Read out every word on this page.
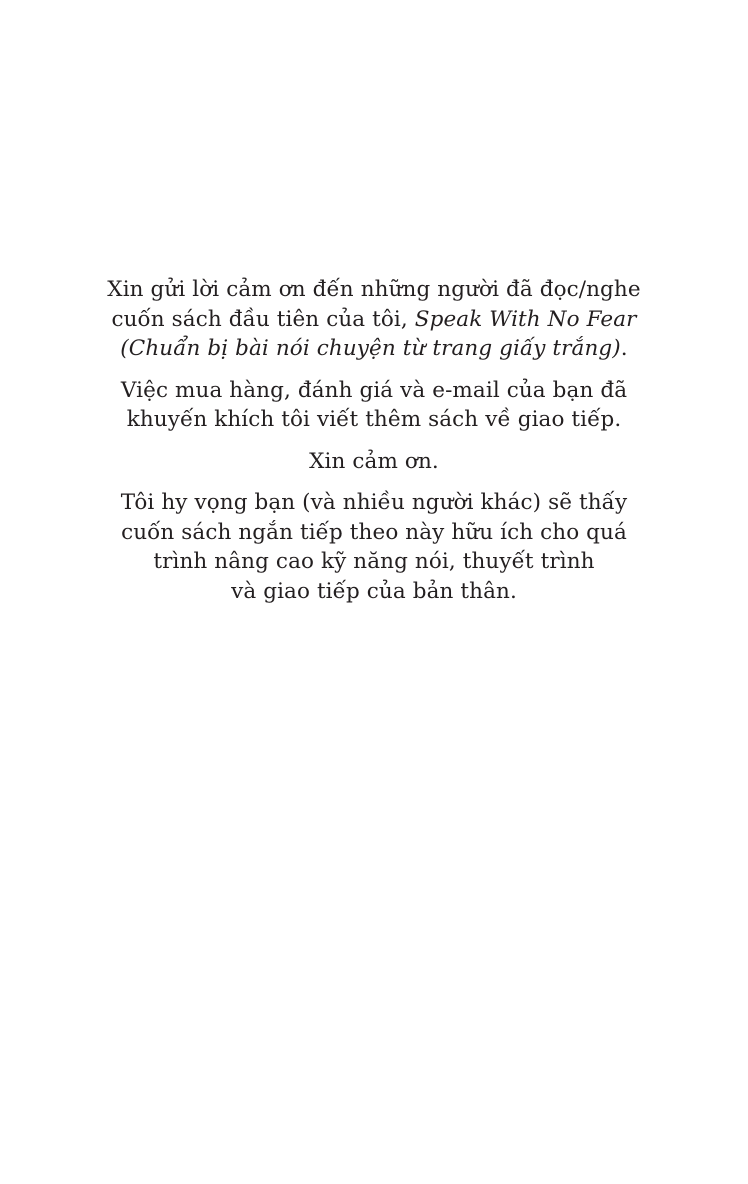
Xin gửi lời cảm ơn đến những người đã đọc/nghe
cuốn sách đầu tiên của tôi, Speak With No Fear
(Chuẩn bị bài nói chuyện từ trang giấy trắng).

Việc mua hàng, đánh giá và e-mail của bạn đã
khuyến khích tôi viết thêm sách về giao tiếp.

Xin cảm ơn.

Tôi hy vọng bạn (và nhiều người khác) sẽ thấy
cuốn sách ngắn tiếp theo này hữu ích cho quá
trình nâng cao kỹ năng nói, thuyết trình
và giao tiếp của bản thân.
